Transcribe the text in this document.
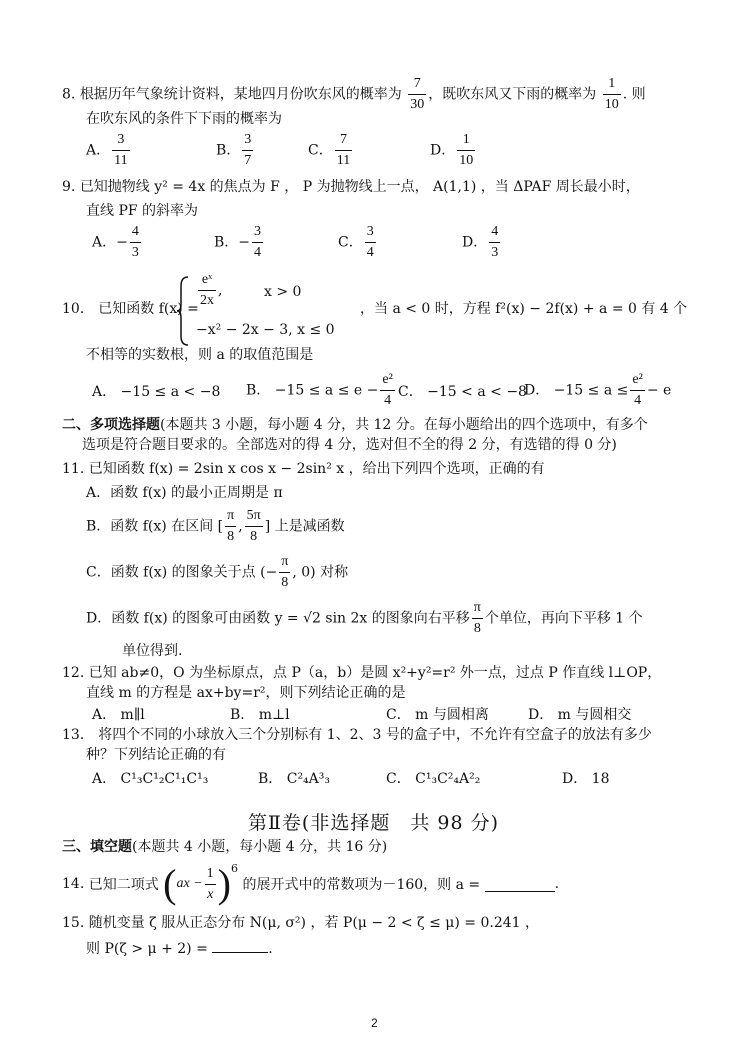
8. 根据历年气象统计资料，某地四月份吹东风的概率为 $\frac{7}{30}$ ，既吹东风又下雨的概率为 $\frac{1}{10}$ . 则
在吹东风的条件下下雨的概率为
A． $\frac{3}{11}$	B． $\frac{3}{7}$	C． $\frac{7}{11}$	D． $\frac{1}{10}$
9. 已知抛物线 y² = 4x 的焦点为 F ， P 为抛物线上一点， A(1,1) ，当 ΔPAF 周长最小时，
直线 PF 的斜率为
A．− $\frac{4}{3}$	B．− $\frac{3}{4}$	C． $\frac{3}{4}$	D． $\frac{4}{3}$
10． 已知函数 $f(x) = \frac{\text{eˣ}}{2x}$ ,	x > 0
−x² − 2x − 3, x ≤ 0
，当 a < 0 时，方程 f²(x) − 2f(x) + a = 0 有 4 个
不相等的实数根，则 a 的取值范围是
A． −15 ≤ a < −8 B． $-15 \le a \le e - \frac{\text{e²}}{4}$ C． −15 < a < −8
D． $-15 \le a \le \frac{\text{e²}}{4} - e$
二、多项选择题(本题共 3 小题，每小题 4 分，共 12 分。在每小题给出的四个选项中，有多个
选项是符合题目要求的。全部选对的得 4 分，选对但不全的得 2 分，有选错的得 0 分)
11. 已知函数 f(x) = 2sin x cos x − 2sin² x ，给出下列四个选项，正确的有
A．函数 f(x) 的最小正周期是 π
B．函数 f(x) 在区间 [ $\frac{\pi}{8}$ , $\frac{5\pi}{8}$ ] 上是减函数
C．函数 f(x) 的图象关于点 (− $\frac{\pi}{8}$ , 0) 对称
D．函数 f(x) 的图象可由函数 y = √2 sin 2x 的图象向右平移 $\frac{\pi}{8}$ 个单位，再向下平移 1 个
单位得到.
12. 已知 ab≠0，O 为坐标原点，点 P（a，b）是圆 x²+y²=r² 外一点，过点 P 作直线 l⊥OP，
直线 m 的方程是 ax+by=r²，则下列结论正确的是
A． m∥l	B． m⊥l	C． m 与圆相离	D． m 与圆相交
13． 将四个不同的小球放入三个分别标有 1、2、3 号的盒子中，不允许有空盒子的放法有多少
种？下列结论正确的有
A． C¹₃C¹₂C¹₁C¹₃	B． C²₄A³₃	C． C¹₃C²₄A²₂	D． 18
第Ⅱ卷(非选择题　共 98 分)
三、填空题(本题共 4 小题，每小题 4 分，共 16 分)
14. 已知二项式 $(ax - \frac{1}{x} )^6$ 的展开式中的常数项为－160，则 a =	.
15. 随机变量 ζ 服从正态分布 N(μ, σ²) ，若 P(μ − 2 < ζ ≤ μ) = 0.241 ，
则 P(ζ > μ + 2) =	.
2
